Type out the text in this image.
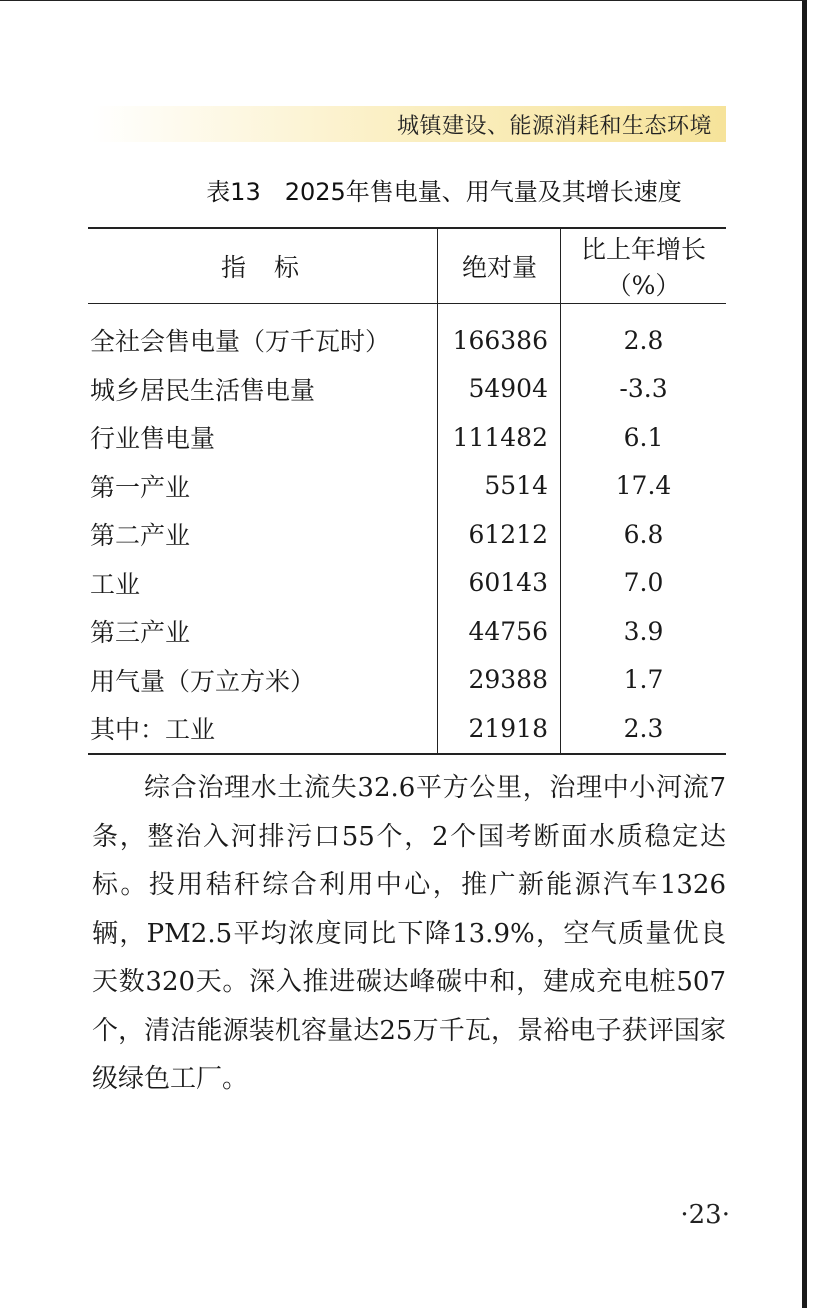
城镇建设、能源消耗和生态环境
表13　2025年售电量、用气量及其增长速度
指标	绝对量	比上年增长（%）
全社会售电量（万千瓦时）	166386	2.8
城乡居民生活售电量	54904	-3.3
行业售电量	111482	6.1
第一产业	5514	17.4
第二产业	61212	6.8
工业	60143	7.0
第三产业	44756	3.9
用气量（万立方米）	29388	1.7
其中：工业	21918	2.3
综合治理水土流失32.6平方公里，治理中小河流7条，整治入河排污口55个，2个国考断面水质稳定达标。投用秸秆综合利用中心，推广新能源汽车1326辆，PM2.5平均浓度同比下降13.9%，空气质量优良天数320天。深入推进碳达峰碳中和，建成充电桩507个，清洁能源装机容量达25万千瓦，景裕电子获评国家级绿色工厂。
·23·
